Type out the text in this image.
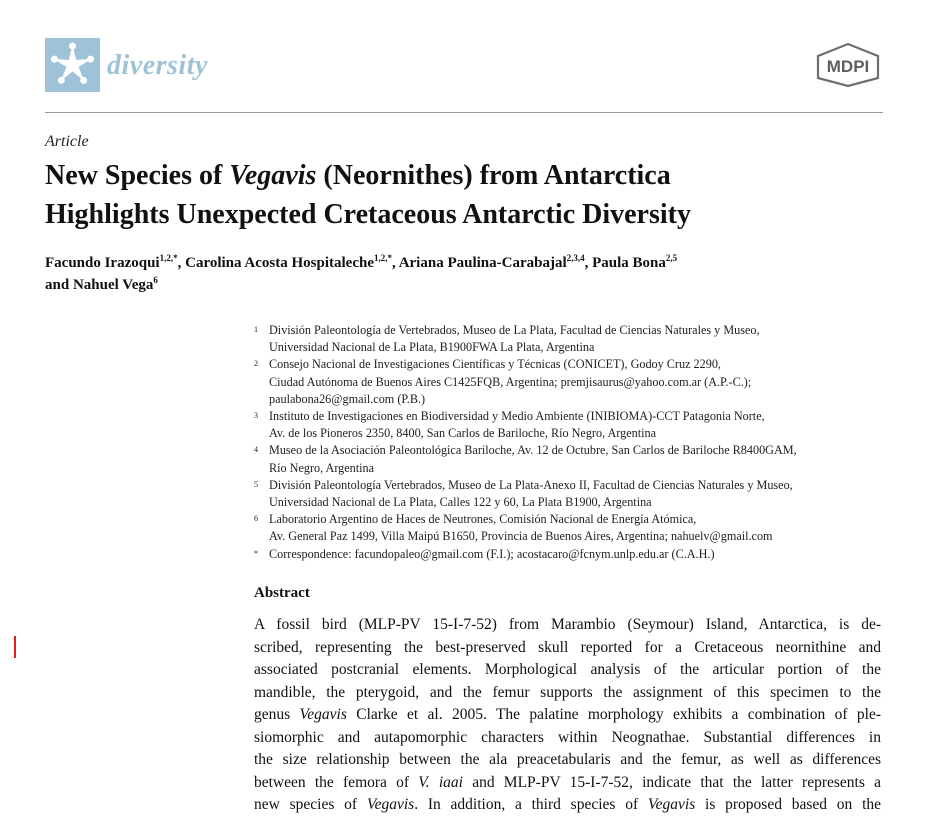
diversity	MDPI
Article
New Species of Vegavis (Neornithes) from Antarctica
Highlights Unexpected Cretaceous Antarctic Diversity
Facundo Irazoqui$^{1,2,*}$, Carolina Acosta Hospitaleche$^{1,2,*}$, Ariana Paulina-Carabajal$^{2,3,4}$, Paula Bona$^{2,5}$
and Nahuel Vega$^6$
1 División Paleontología de Vertebrados, Museo de La Plata, Facultad de Ciencias Naturales y Museo,
Universidad Nacional de La Plata, B1900FWA La Plata, Argentina
2 Consejo Nacional de Investigaciones Científicas y Técnicas (CONICET), Godoy Cruz 2290,
Ciudad Autónoma de Buenos Aires C1425FQB, Argentina; premjisaurus@yahoo.com.ar (A.P.-C.);
paulabona26@gmail.com (P.B.)
3 Instituto de Investigaciones en Biodiversidad y Medio Ambiente (INIBIOMA)-CCT Patagonia Norte,
Av. de los Pioneros 2350, 8400, San Carlos de Bariloche, Río Negro, Argentina
4 Museo de la Asociación Paleontológica Bariloche, Av. 12 de Octubre, San Carlos de Bariloche R8400GAM,
Río Negro, Argentina
5 División Paleontología Vertebrados, Museo de La Plata-Anexo II, Facultad de Ciencias Naturales y Museo,
Universidad Nacional de La Plata, Calles 122 y 60, La Plata B1900, Argentina
6 Laboratorio Argentino de Haces de Neutrones, Comisión Nacional de Energía Atómica,
Av. General Paz 1499, Villa Maipú B1650, Provincia de Buenos Aires, Argentina; nahuelv@gmail.com
* Correspondence: facundopaleo@gmail.com (F.I.); acostacaro@fcnym.unlp.edu.ar (C.A.H.)
Abstract
A fossil bird (MLP-PV 15-I-7-52) from Marambio (Seymour) Island, Antarctica, is de-
scribed, representing the best-preserved skull reported for a Cretaceous neornithine and
associated postcranial elements. Morphological analysis of the articular portion of the
mandible, the pterygoid, and the femur supports the assignment of this specimen to the
genus Vegavis Clarke et al. 2005. The palatine morphology exhibits a combination of ple-
siomorphic and autapomorphic characters within Neognathae. Substantial differences in
the size relationship between the ala preacetabularis and the femur, as well as differences
between the femora of V. iaai and MLP-PV 15-I-7-52, indicate that the latter represents a
new species of Vegavis. In addition, a third species of Vegavis is proposed based on the
